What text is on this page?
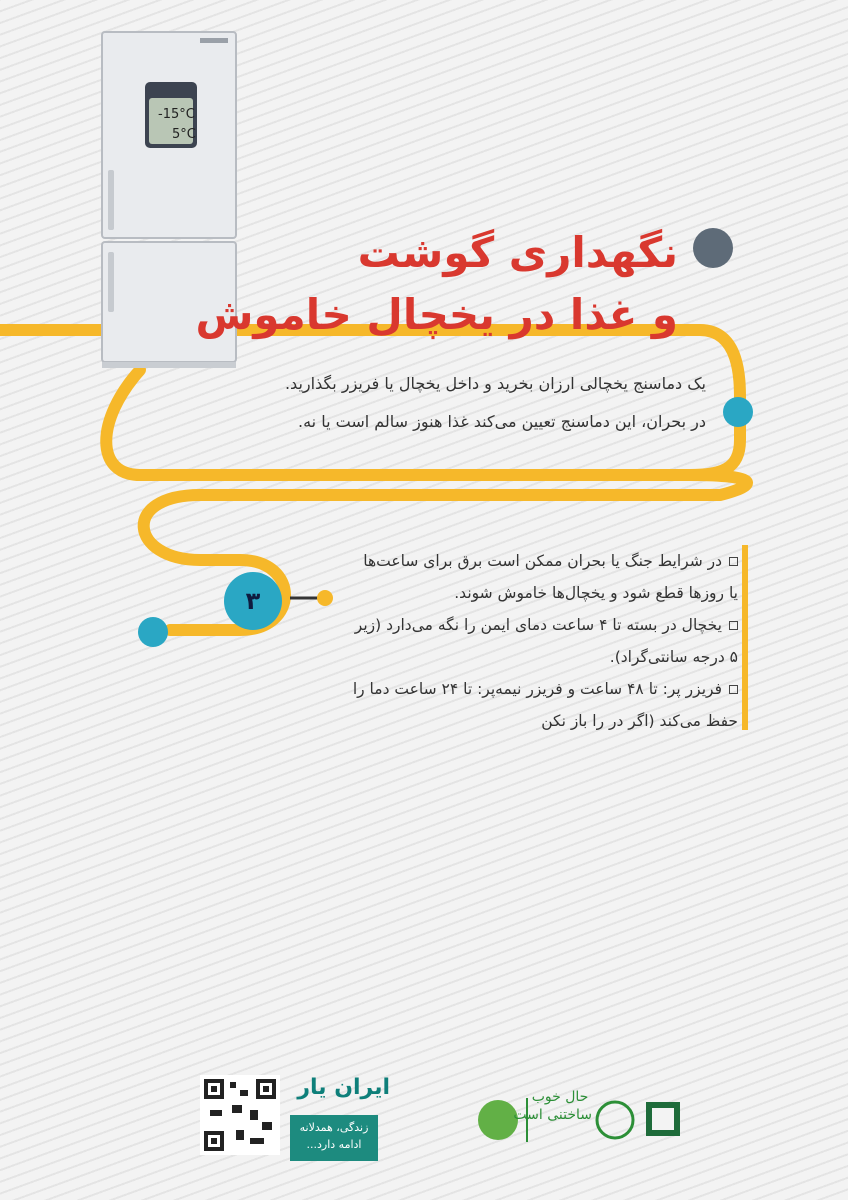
-15°C
5°C
نگهداری گوشت
و غذا در یخچال خاموش
یک دماسنج یخچالی ارزان بخرید و داخل یخچال یا فریزر بگذارید.
در بحران، این دماسنج تعیین می‌کند غذا هنوز سالم است یا نه.
۳

در شرایط جنگ یا بحران ممکن است برق برای ساعت‌ها

یا روزها قطع شود و یخچال‌ها خاموش شوند.

یخچال در بسته تا ۴ ساعت دمای ایمن را نگه می‌دارد (زیر

۵ درجه سانتی‌گراد).

فریزر پر: تا ۴۸ ساعت و فریزر نیمه‌پر: تا ۲۴ ساعت دما را

حفظ می‌کند (اگر در را باز نکن

ایران یار
زندگی، همدلانه
ادامه دارد...
حال خوب
ساختنی است
